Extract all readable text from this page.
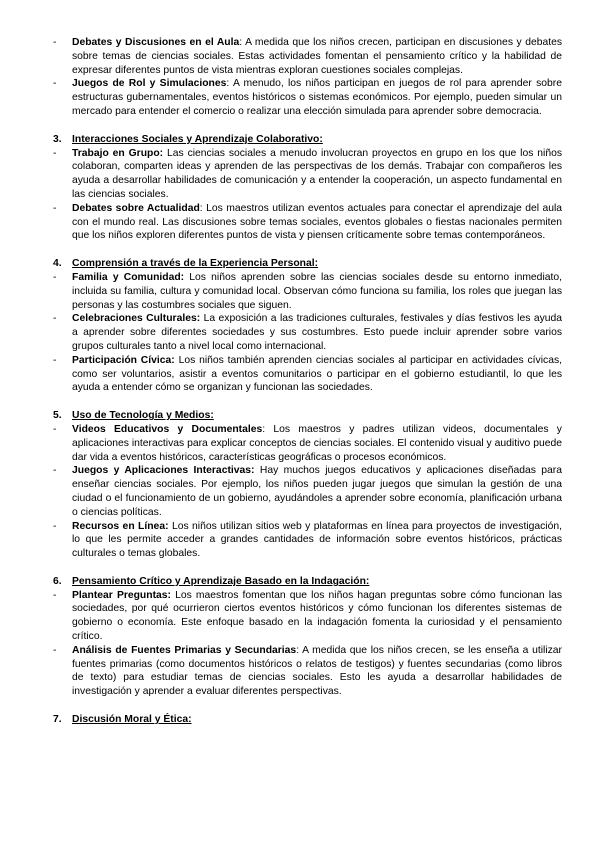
-	Debates y Discusiones en el Aula: A medida que los niños crecen, participan en discusiones y debates sobre temas de ciencias sociales. Estas actividades fomentan el pensamiento crítico y la habilidad de expresar diferentes puntos de vista mientras exploran cuestiones sociales complejas.
-	Juegos de Rol y Simulaciones: A menudo, los niños participan en juegos de rol para aprender sobre estructuras gubernamentales, eventos históricos o sistemas económicos. Por ejemplo, pueden simular un mercado para entender el comercio o realizar una elección simulada para aprender sobre democracia.
3.	Interacciones Sociales y Aprendizaje Colaborativo:
-	Trabajo en Grupo: Las ciencias sociales a menudo involucran proyectos en grupo en los que los niños colaboran, comparten ideas y aprenden de las perspectivas de los demás. Trabajar con compañeros les ayuda a desarrollar habilidades de comunicación y a entender la cooperación, un aspecto fundamental en las ciencias sociales.
-	Debates sobre Actualidad: Los maestros utilizan eventos actuales para conectar el aprendizaje del aula con el mundo real. Las discusiones sobre temas sociales, eventos globales o fiestas nacionales permiten que los niños exploren diferentes puntos de vista y piensen críticamente sobre temas contemporáneos.
4.	Comprensión a través de la Experiencia Personal:
-	Familia y Comunidad: Los niños aprenden sobre las ciencias sociales desde su entorno inmediato, incluida su familia, cultura y comunidad local. Observan cómo funciona su familia, los roles que juegan las personas y las costumbres sociales que siguen.
-	Celebraciones Culturales: La exposición a las tradiciones culturales, festivales y días festivos les ayuda a aprender sobre diferentes sociedades y sus costumbres. Esto puede incluir aprender sobre varios grupos culturales tanto a nivel local como internacional.
-	Participación Cívica: Los niños también aprenden ciencias sociales al participar en actividades cívicas, como ser voluntarios, asistir a eventos comunitarios o participar en el gobierno estudiantil, lo que les ayuda a entender cómo se organizan y funcionan las sociedades.
5.	Uso de Tecnología y Medios:
-	Videos Educativos y Documentales: Los maestros y padres utilizan videos, documentales y aplicaciones interactivas para explicar conceptos de ciencias sociales. El contenido visual y auditivo puede dar vida a eventos históricos, características geográficas o procesos económicos.
-	Juegos y Aplicaciones Interactivas: Hay muchos juegos educativos y aplicaciones diseñadas para enseñar ciencias sociales. Por ejemplo, los niños pueden jugar juegos que simulan la gestión de una ciudad o el funcionamiento de un gobierno, ayudándoles a aprender sobre economía, planificación urbana o ciencias políticas.
-	Recursos en Línea: Los niños utilizan sitios web y plataformas en línea para proyectos de investigación, lo que les permite acceder a grandes cantidades de información sobre eventos históricos, prácticas culturales o temas globales.
6.	Pensamiento Crítico y Aprendizaje Basado en la Indagación:
-	Plantear Preguntas: Los maestros fomentan que los niños hagan preguntas sobre cómo funcionan las sociedades, por qué ocurrieron ciertos eventos históricos y cómo funcionan los diferentes sistemas de gobierno o economía. Este enfoque basado en la indagación fomenta la curiosidad y el pensamiento crítico.
-	Análisis de Fuentes Primarias y Secundarias: A medida que los niños crecen, se les enseña a utilizar fuentes primarias (como documentos históricos o relatos de testigos) y fuentes secundarias (como libros de texto) para estudiar temas de ciencias sociales. Esto les ayuda a desarrollar habilidades de investigación y aprender a evaluar diferentes perspectivas.
7.	Discusión Moral y Ética:
